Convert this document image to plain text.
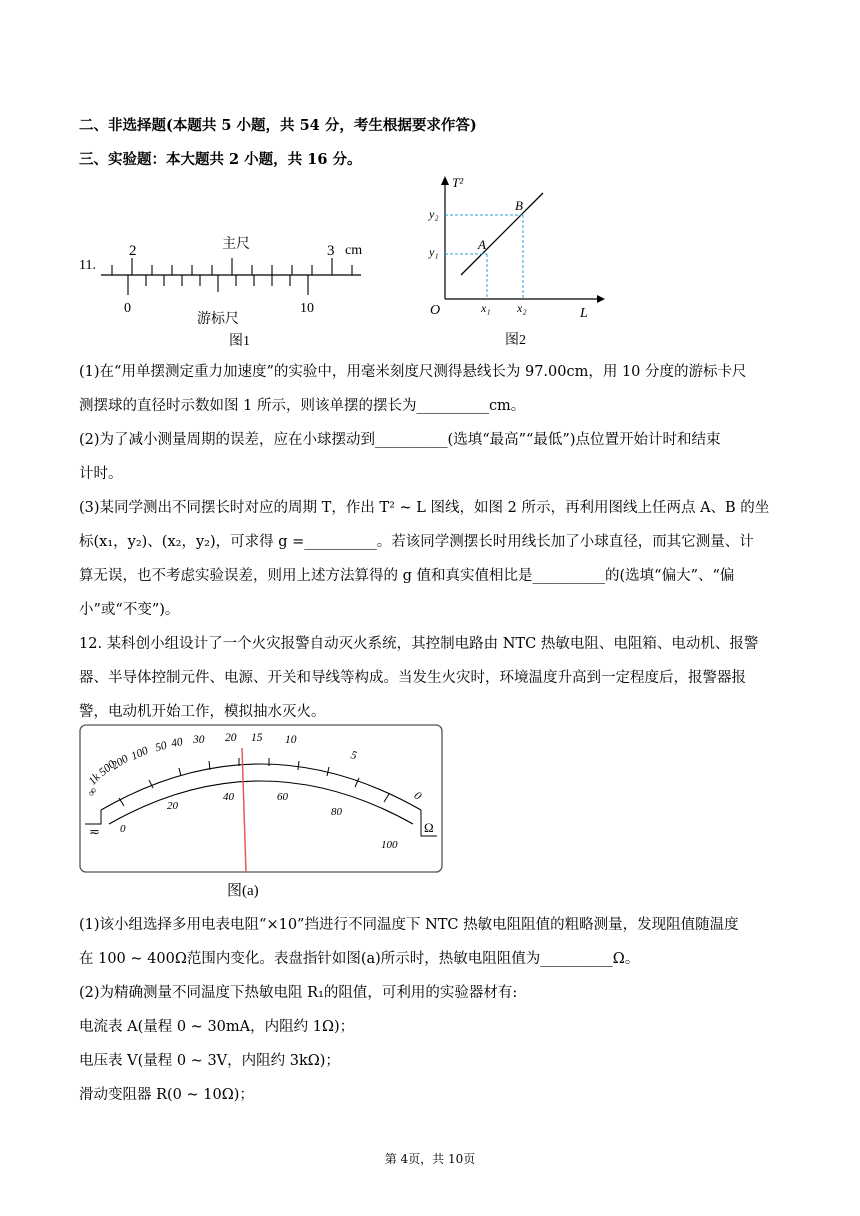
二、非选择题(本题共 5 小题，共 54 分，考生根据要求作答)
三、实验题：本大题共 2 小题，共 16 分。
11.
主尺
2	3 cm
0	10
游标尺
图1
T²
L
O
y₂
y₁
x₁ x₂
A
B
图2
(1)在“用单摆测定重力加速度”的实验中，用毫米刻度尺测得悬线长为 97.00cm，用 10 分度的游标卡尺
测摆球的直径时示数如图 1 所示，则该单摆的摆长为__________cm。
(2)为了减小测量周期的误差，应在小球摆动到__________(选填“最高”“最低”)点位置开始计时和结束
计时。
(3)某同学测出不同摆长时对应的周期 T，作出 T² ~ L 图线，如图 2 所示，再利用图线上任两点 A、B 的坐
标(x₁，y₂)、(x₂，y₂)，可求得 g =__________。若该同学测摆长时用线长加了小球直径，而其它测量、计
算无误，也不考虑实验误差，则用上述方法算得的 g 值和真实值相比是__________的(选填“偏大”、“偏
小”或“不变”)。
12. 某科创小组设计了一个火灾报警自动灭火系统，其控制电路由 NTC 热敏电阻、电阻箱、电动机、报警
器、半导体控制元件、电源、开关和导线等构成。当发生火灾时，环境温度升高到一定程度后，报警器报
警，电动机开始工作，模拟抽水灭火。
∞
1k
500
200
100 50 40 30 20 15 10
5
0
0
20
40	60
80
100
≂	Ω
图(a)
(1)该小组选择多用电表电阻“×10”挡进行不同温度下 NTC 热敏电阻阻值的粗略测量，发现阻值随温度
在 100 ~ 400Ω范围内变化。表盘指针如图(a)所示时，热敏电阻阻值为__________Ω。
(2)为精确测量不同温度下热敏电阻 R₁的阻值，可利用的实验器材有:
电流表 A(量程 0 ~ 30mA，内阻约 1Ω)；
电压表 V(量程 0 ~ 3V，内阻约 3kΩ)；
滑动变阻器 R(0 ~ 10Ω)；
第 4页，共 10页
